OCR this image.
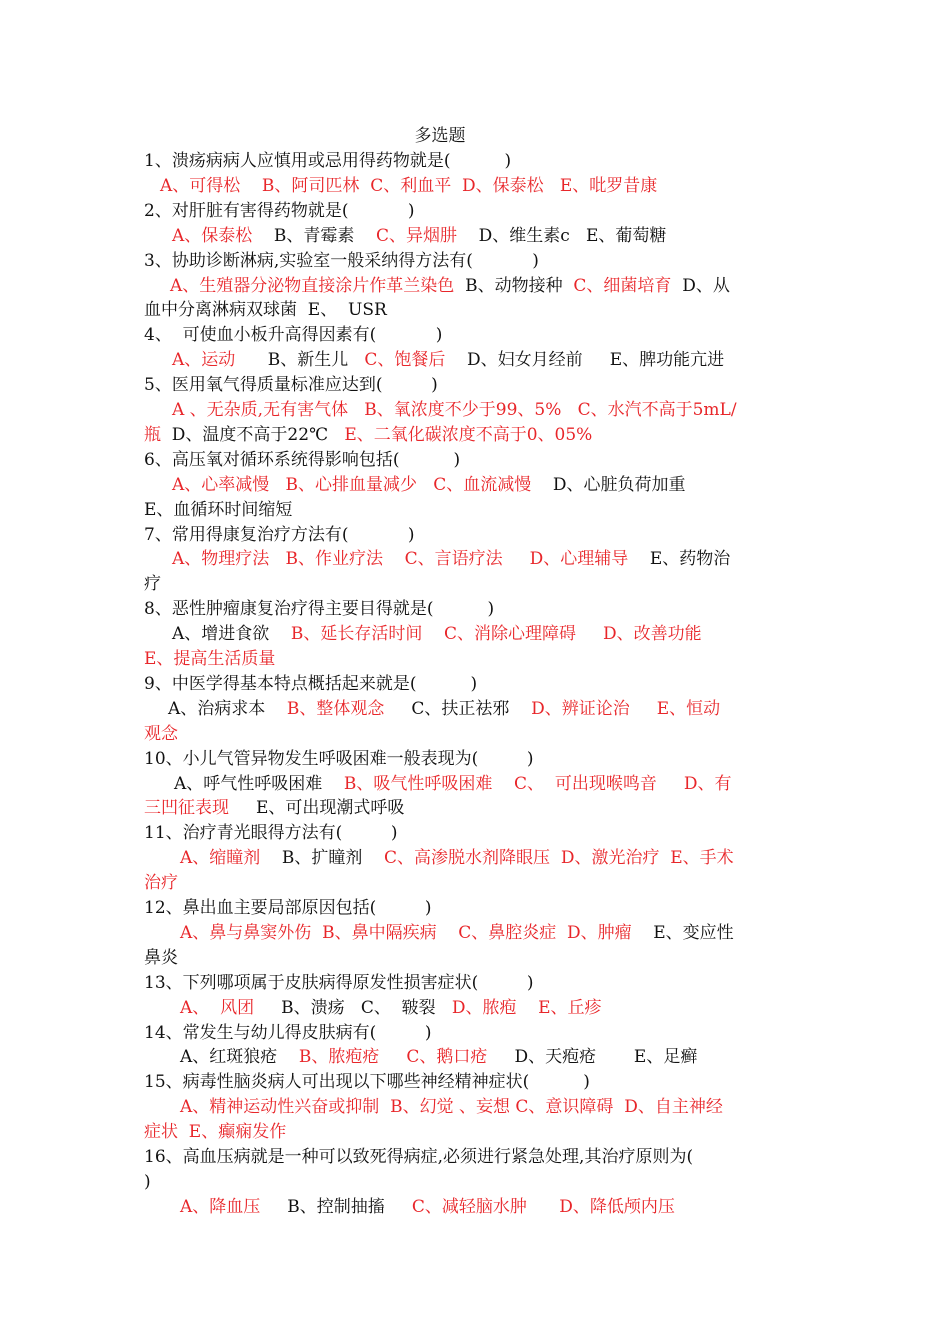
多选题
1、溃疡病病人应慎用或忌用得药物就是(          )
A、可得松    B、阿司匹林  C、利血平  D、保泰松   E、吡罗昔康
2、对肝脏有害得药物就是(           )
A、保泰松    B、青霉素    C、异烟肼    D、维生素c   E、葡萄糖
3、协助诊断淋病,实验室一般采纳得方法有(           )
A、生殖器分泌物直接涂片作革兰染色  B、动物接种  C、细菌培育  D、从
血中分离淋病双球菌  E、  USR
4、  可使血小板升高得因素有(           )
A、运动      B、新生儿   C、饱餐后    D、妇女月经前     E、脾功能亢进
5、医用氧气得质量标准应达到(         )
A 、无杂质,无有害气体   B、氧浓度不少于99、5%   C、水汽不高于5mL/
瓶  D、温度不高于22℃   E、二氧化碳浓度不高于0、05%
6、高压氧对循环系统得影响包括(          )
A、心率减慢   B、心排血量减少   C、血流减慢    D、心脏负荷加重
E、血循环时间缩短
7、常用得康复治疗方法有(           )
A、物理疗法   B、作业疗法    C、言语疗法     D、心理辅导    E、药物治
疗
8、恶性肿瘤康复治疗得主要目得就是(          )
A、增进食欲    B、延长存活时间    C、消除心理障碍     D、改善功能
E、提高生活质量
9、中医学得基本特点概括起来就是(          )
A、治病求本    B、整体观念     C、扶正祛邪    D、辨证论治     E、恒动
观念
10、小儿气管异物发生呼吸困难一般表现为(         )
A、呼气性呼吸困难    B、吸气性呼吸困难    C、  可出现喉鸣音     D、有
三凹征表现     E、可出现潮式呼吸
11、治疗青光眼得方法有(         )
A、缩瞳剂    B、扩瞳剂    C、高渗脱水剂降眼压  D、激光治疗  E、手术
治疗
12、鼻出血主要局部原因包括(         )
A、鼻与鼻窦外伤  B、鼻中隔疾病    C、鼻腔炎症  D、肿瘤    E、变应性
鼻炎
13、下列哪项属于皮肤病得原发性损害症状(         )
A、  风团     B、溃疡   C、  皲裂   D、脓疱    E、丘疹
14、常发生与幼儿得皮肤病有(         )
A、红斑狼疮    B、脓疱疮     C、鹅口疮     D、天疱疮       E、足癣
15、病毒性脑炎病人可出现以下哪些神经精神症状(          )
A、精神运动性兴奋或抑制  B、幻觉 、妄想 C、意识障碍  D、自主神经
症状  E、癫痫发作
16、高血压病就是一种可以致死得病症,必须进行紧急处理,其治疗原则为(
)
A、降血压     B、控制抽搐     C、减轻脑水肿      D、降低颅内压
